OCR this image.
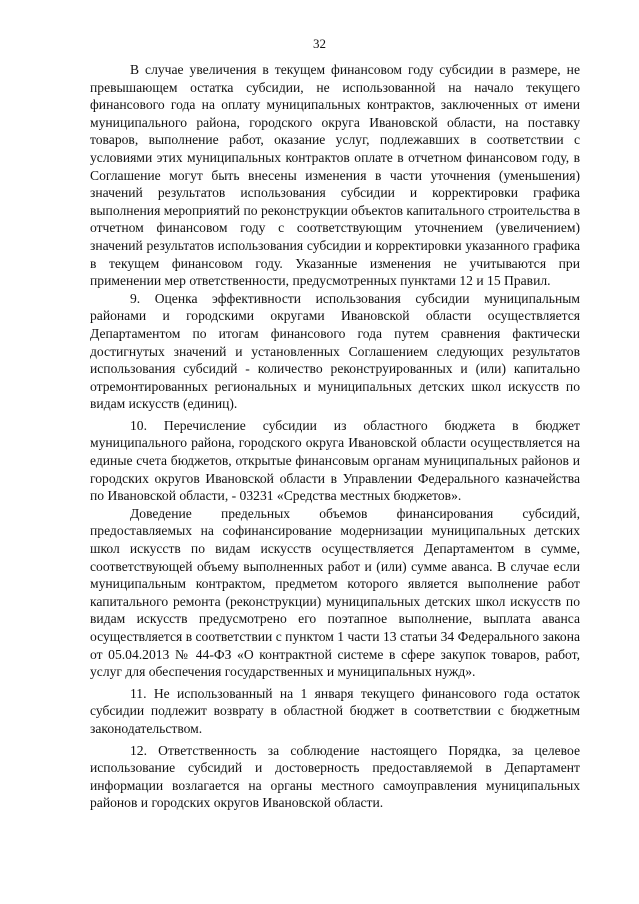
32

В случае увеличения в текущем финансовом году субсидии в размере, не превышающем остатка субсидии, не использованной на начало текущего финансового года на оплату муниципальных контрактов, заключенных от имени муниципального района, городского округа Ивановской области, на поставку товаров, выполнение работ, оказание услуг, подлежавших в соответствии с условиями этих муниципальных контрактов оплате в отчетном финансовом году, в Соглашение могут быть внесены изменения в части уточнения (уменьшения) значений результатов использования субсидии и корректировки графика выполнения мероприятий по реконструкции объектов капитального строительства в отчетном финансовом году с соответствующим уточнением (увеличением) значений результатов использования субсидии и корректировки указанного графика в текущем финансовом году. Указанные изменения не учитываются при применении мер ответственности, предусмотренных пунктами 12 и 15 Правил.

9. Оценка эффективности использования субсидии муниципальным районами и городскими округами Ивановской области осуществляется Департаментом по итогам финансового года путем сравнения фактически достигнутых значений и установленных Соглашением следующих результатов использования субсидий - количество реконструированных и (или) капитально отремонтированных региональных и муниципальных детских школ искусств по видам искусств (единиц).

10. Перечисление субсидии из областного бюджета в бюджет муниципального района, городского округа Ивановской области осуществляется на единые счета бюджетов, открытые финансовым органам муниципальных районов и городских округов Ивановской области в Управлении Федерального казначейства по Ивановской области, - 03231 «Средства местных бюджетов».

Доведение предельных объемов финансирования субсидий, предоставляемых на софинансирование модернизации муниципальных детских школ искусств по видам искусств осуществляется Департаментом в сумме, соответствующей объему выполненных работ и (или) сумме аванса. В случае если муниципальным контрактом, предметом которого является выполнение работ капитального ремонта (реконструкции) муниципальных детских школ искусств по видам искусств предусмотрено его поэтапное выполнение, выплата аванса осуществляется в соответствии с пунктом 1 части 13 статьи 34 Федерального закона от 05.04.2013 № 44-ФЗ «О контрактной системе в сфере закупок товаров, работ, услуг для обеспечения государственных и муниципальных нужд».

11. Не использованный на 1 января текущего финансового года остаток субсидии подлежит возврату в областной бюджет в соответствии с бюджетным законодательством.

12. Ответственность за соблюдение настоящего Порядка, за целевое использование субсидий и достоверность предоставляемой в Департамент информации возлагается на органы местного самоуправления муниципальных районов и городских округов Ивановской области.
